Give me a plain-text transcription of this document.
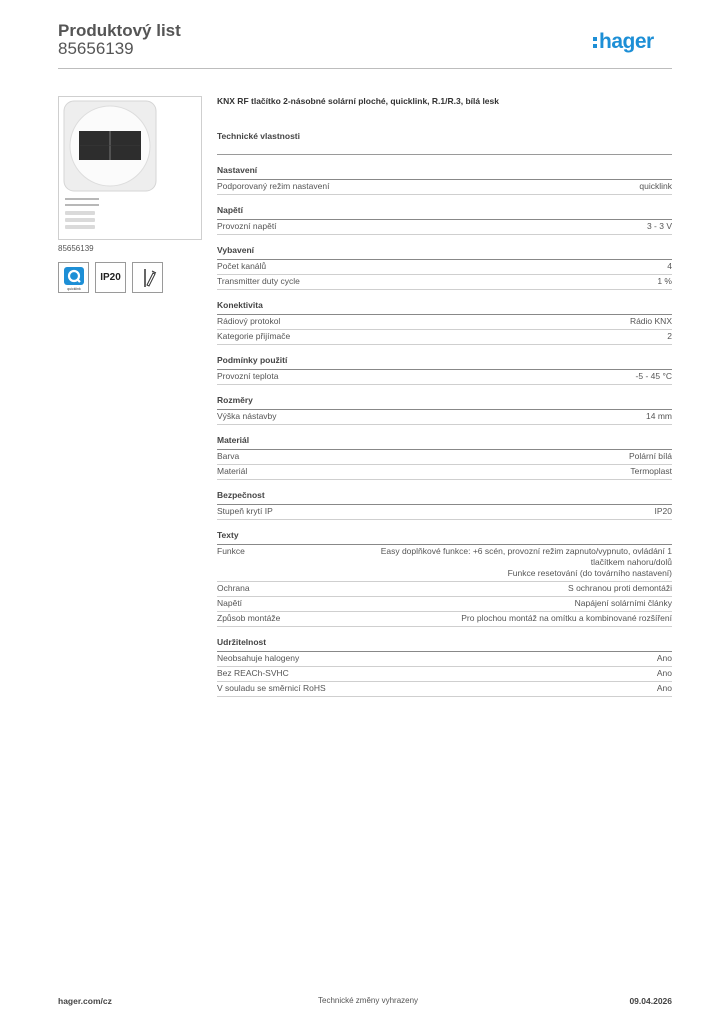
Produktový list
85656139	hager
85656139
quicklink
IP20
KNX RF tlačítko 2-násobné solární ploché, quicklink, R.1/R.3, bílá lesk
Technické vlastnosti
Nastavení
Podporovaný režim nastavení	quicklink
Napětí
Provozní napětí	3 - 3 V
Vybavení
Počet kanálů	4
Transmitter duty cycle	1 %
Konektivita
Rádiový protokol	Rádio KNX
Kategorie přijímače	2
Podmínky použití
Provozní teplota	-5 - 45 °C
Rozměry
Výška nástavby	14 mm
Materiál
Barva	Polární bílá
Materiál	Termoplast
Bezpečnost
Stupeň krytí IP	IP20
Texty
Funkce	Easy doplňkové funkce: +6 scén, provozní režim zapnuto/vypnuto, ovládání 1
tlačítkem nahoru/dolů
Funkce resetování (do továrního nastavení)
Ochrana	S ochranou proti demontáži
Napětí	Napájení solárními články
Způsob montáže	Pro plochou montáž na omítku a kombinované rozšíření
Udržitelnost
Neobsahuje halogeny	Ano
Bez REACh-SVHC	Ano
V souladu se směrnicí RoHS	Ano
hager.com/cz	Technické změny vyhrazeny	09.04.2026
